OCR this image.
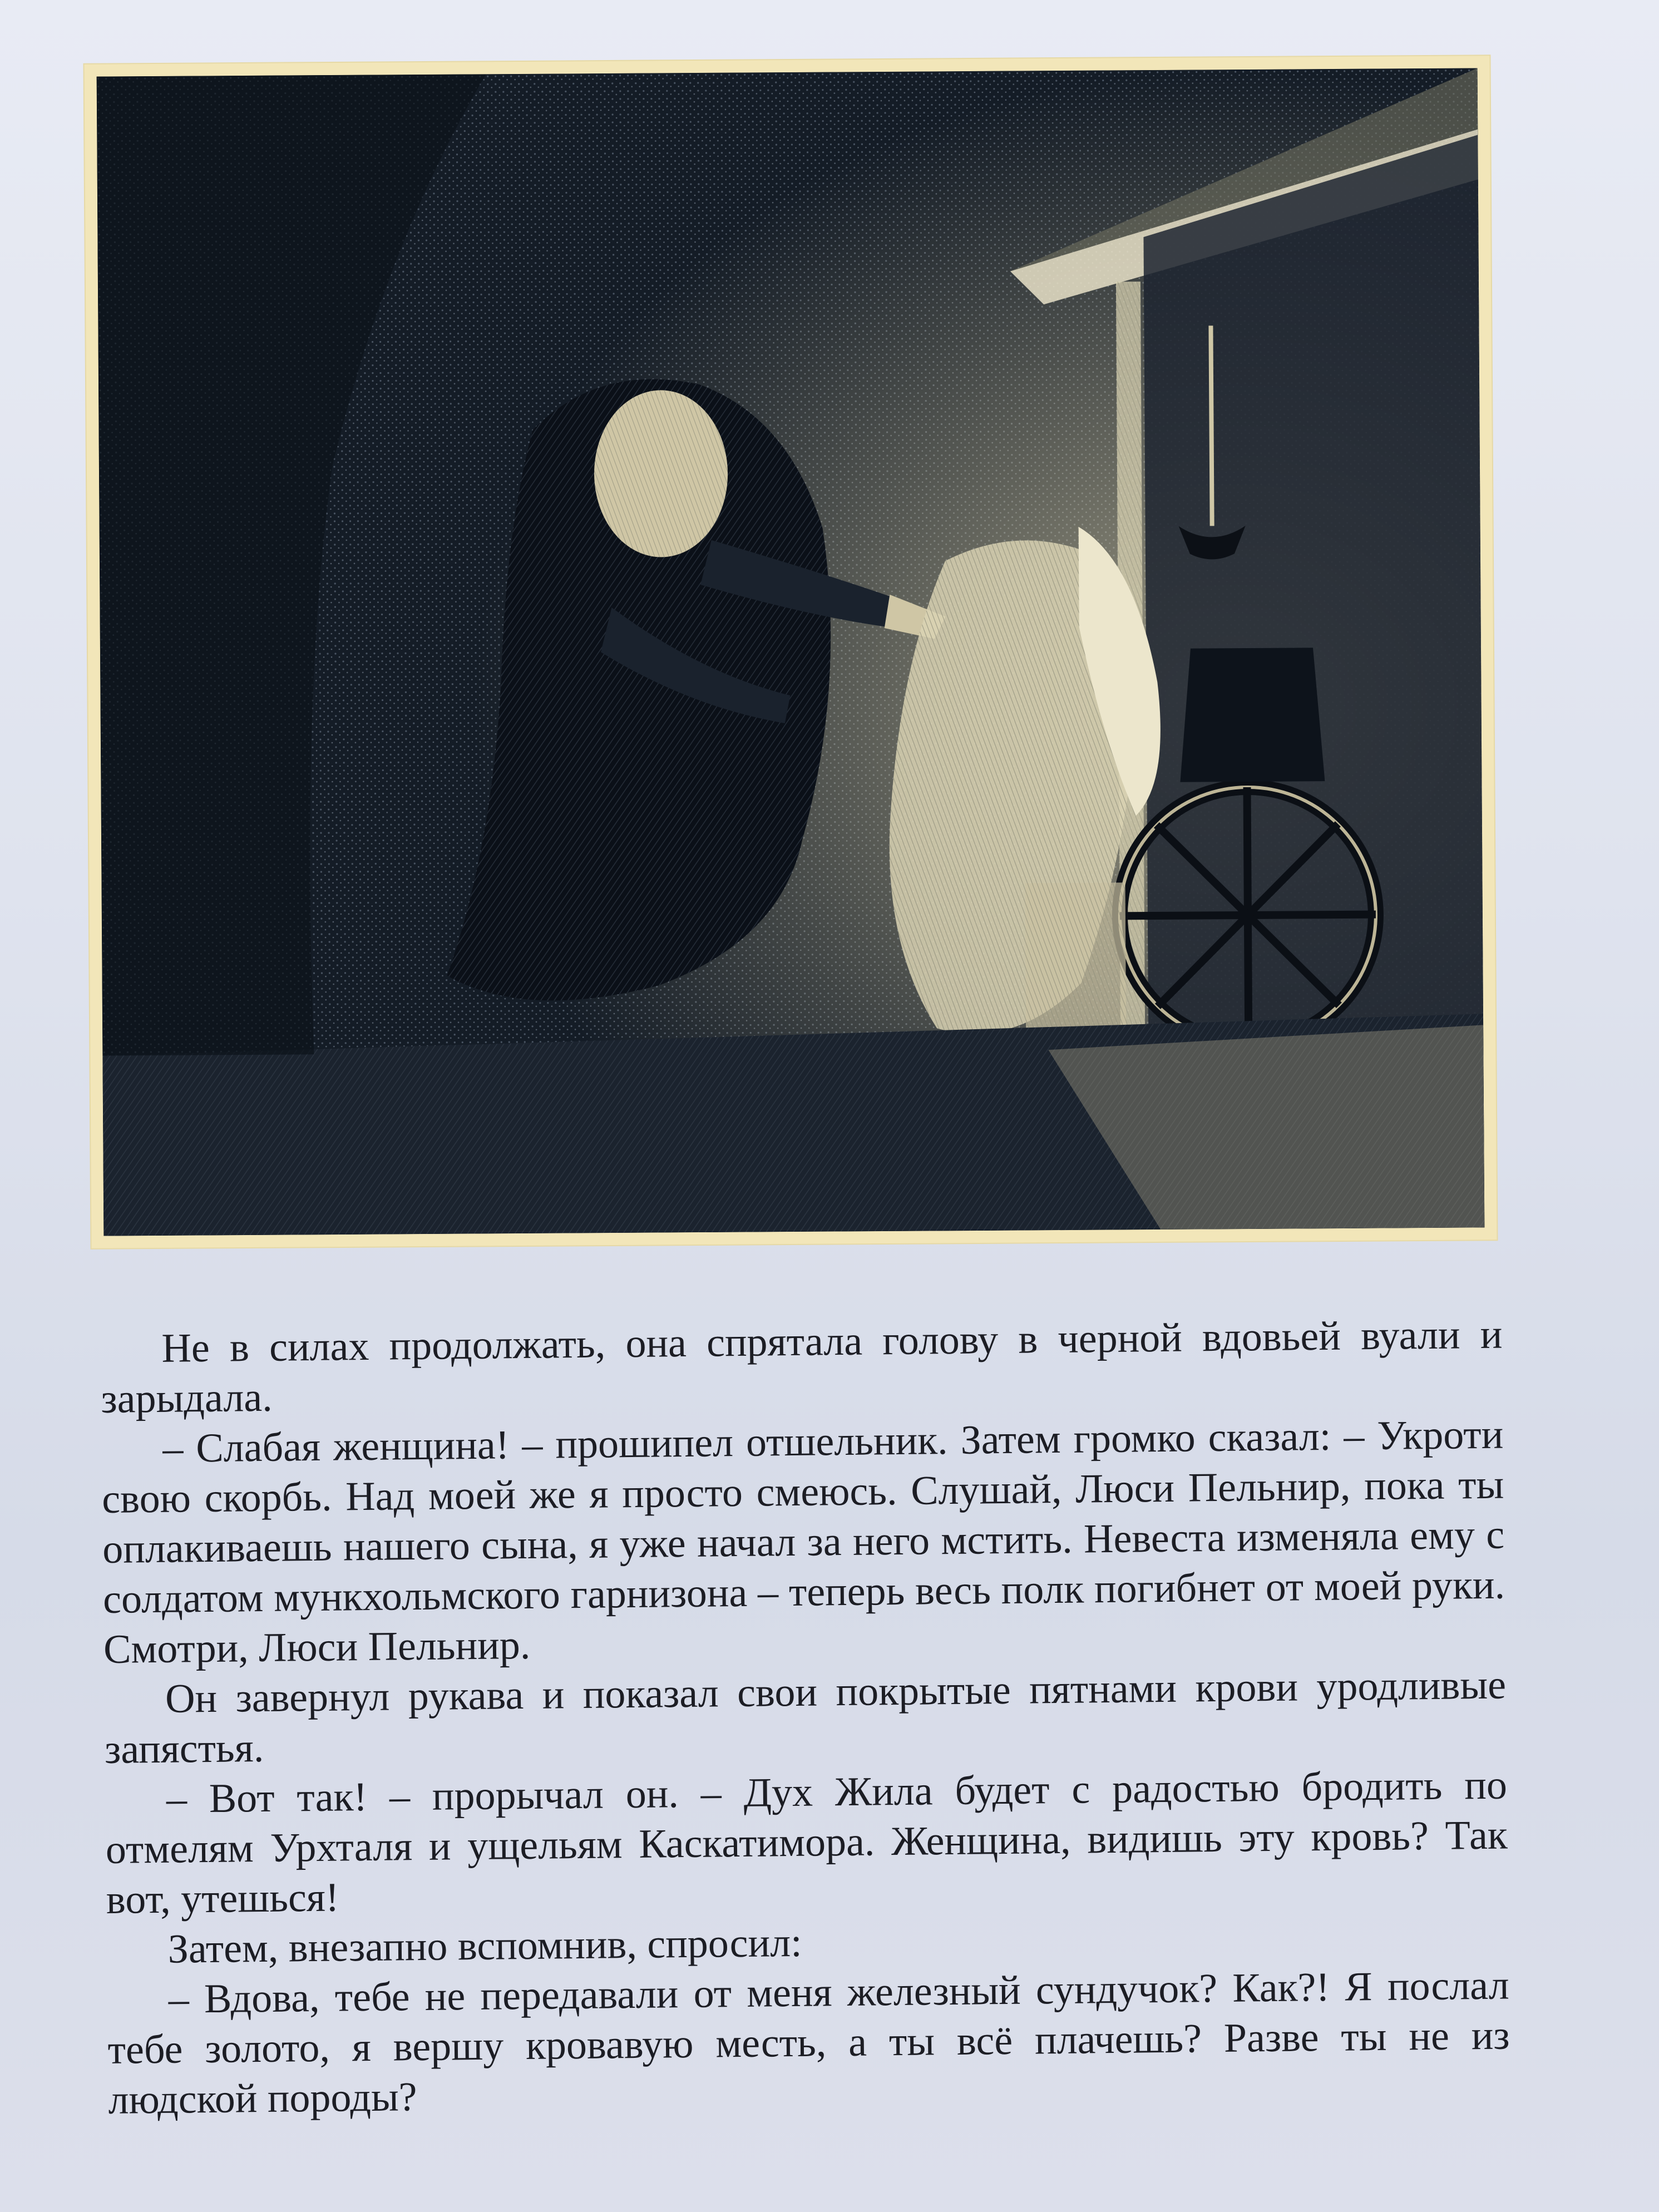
Не в силах продолжать, она спрятала голову в черной вдовьей вуали и зарыдала.

– Слабая женщина! – прошипел отшельник. Затем громко сказал: – Укроти свою скорбь. Над моей же я просто смеюсь. Слушай, Люси Пельнир, пока ты оплакиваешь нашего сына, я уже начал за него мстить. Невеста изменяла ему с солдатом мункхольмского гарнизона – теперь весь полк погибнет от моей руки. Смотри, Люси Пельнир.

Он завернул рукава и показал свои покрытые пятнами крови уродливые запястья.

– Вот так! – прорычал он. – Дух Жила будет с радостью бродить по отмелям Урхталя и ущельям Каскатимора. Женщина, видишь эту кровь? Так вот, утешься!

Затем, внезапно вспомнив, спросил:

– Вдова, тебе не передавали от меня железный сундучок? Как?! Я послал тебе золото, я вершу кровавую месть, а ты всё плачешь? Разве ты не из людской породы?
